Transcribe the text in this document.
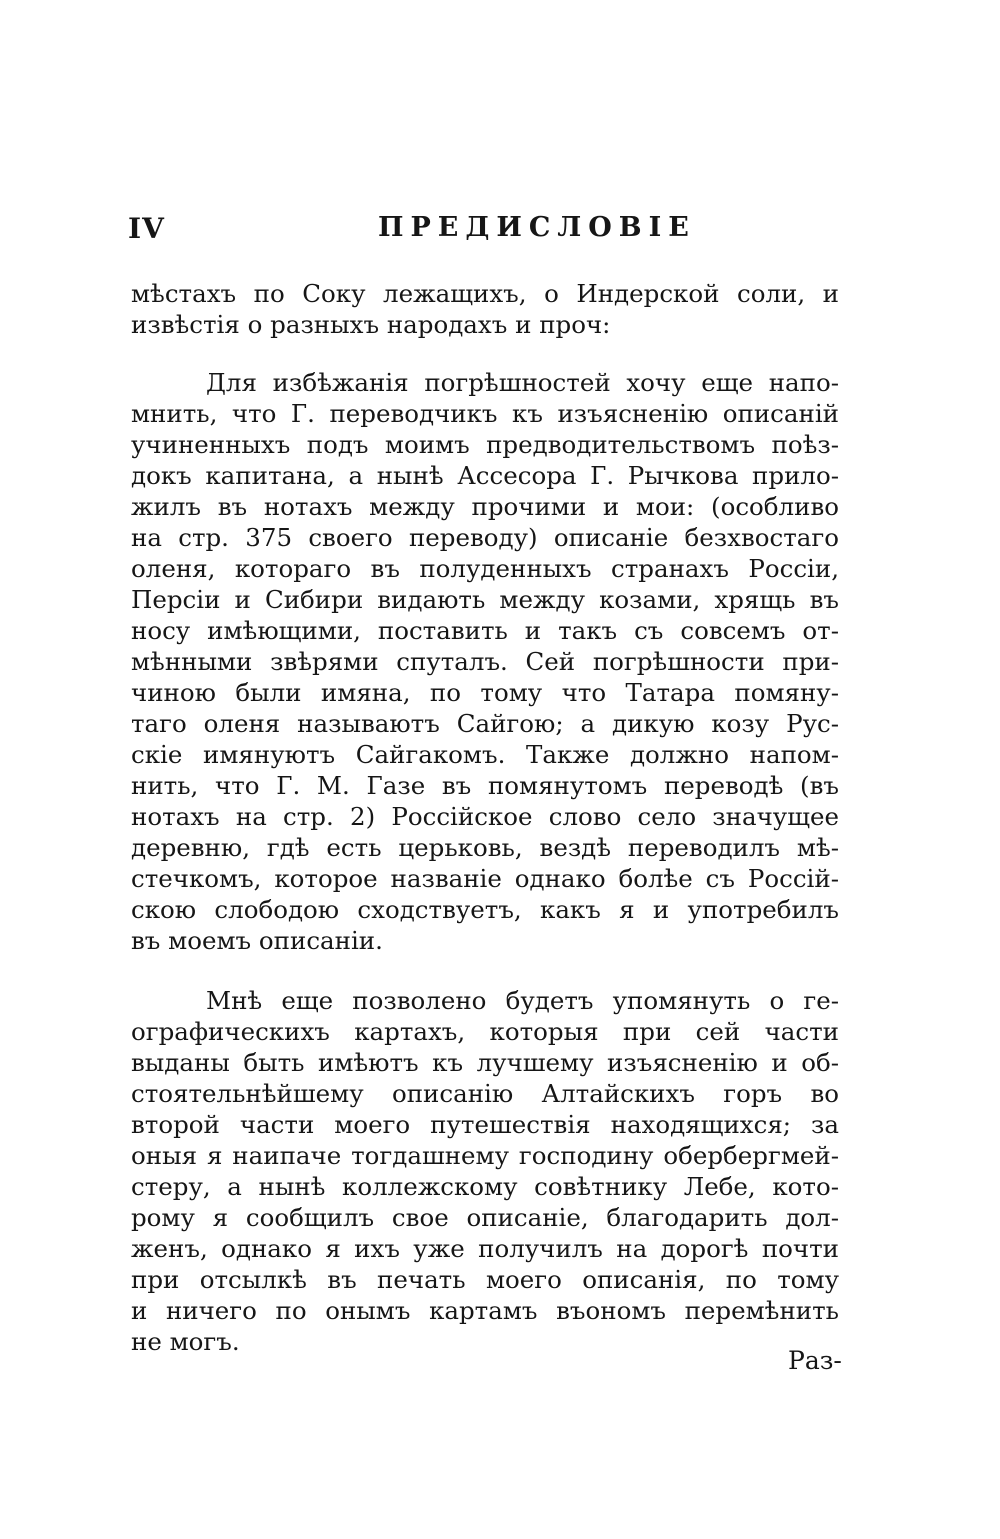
IV	ПРЕДИСЛОВІЕ
мѣстахъ по Соку лежащихъ, о Индерской соли, и
извѣстія о разныхъ народахъ и проч:
Для избѣжанія погрѣшностей хочу еще напо-
мнить, что Г. переводчикъ къ изъясненію описаній
учиненныхъ подъ моимъ предводительствомъ поѣз-
докъ капитана, а нынѣ Ассесора Г. Рычкова прило-
жилъ въ нотахъ между прочими и мои: (особливо
на стр. 375 своего переводу) описаніе безхвостаго
оленя, котораго въ полуденныхъ странахъ Россіи,
Персіи и Сибири видають между козами, хрящь въ
носу имѣющими, поставить и такъ съ совсемъ от-
мѣнными звѣрями спуталъ. Сей погрѣшности при-
чиною были имяна, по тому что Татара помяну-
таго оленя называютъ Сайгою; а дикую козу Рус-
скіе имянуютъ Сайгакомъ. Также должно напом-
нить, что Г. М. Газе въ помянутомъ переводѣ (въ
нотахъ на стр. 2) Россійское слово село значущее
деревню, гдѣ есть церьковь, вездѣ переводилъ мѣ-
стечкомъ, которое названіе однако болѣе съ Россій-
скою слободою сходствуетъ, какъ я и употребилъ
въ моемъ описаніи.
Мнѣ еще позволено будетъ упомянуть о ге-
ографическихъ картахъ, которыя при сей части
выданы быть имѣютъ къ лучшему изъясненію и об-
стоятельнѣйшему описанію Алтайскихъ горъ во
второй части моего путешествія находящихся; за
оныя я наипаче тогдашнему господину обербергмей-
стеру, а нынѣ коллежскому совѣтнику Лебе, кото-
рому я сообщилъ свое описаніе, благодарить дол-
женъ, однако я ихъ уже получилъ на дорогѣ почти
при отсылкѣ въ печать моего описанія, по тому
и ничего по онымъ картамъ въономъ перемѣнить
не могъ.
Раз-
